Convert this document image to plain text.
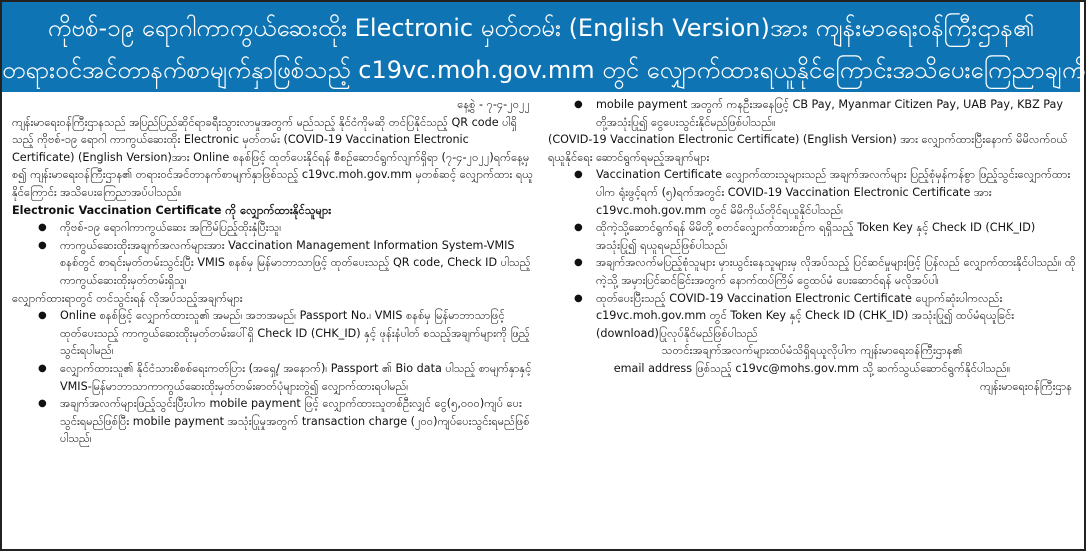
ကိုဗစ်-၁၉ ရောဂါကာကွယ်ဆေးထိုး Electronic မှတ်တမ်း (English Version)အား ကျန်းမာရေးဝန်ကြီးဌာန၏
တရားဝင်အင်တာနက်စာမျက်နှာဖြစ်သည့် c19vc.moh.gov.mm တွင် လျှောက်ထားရယူနိုင်ကြောင်းအသိပေးကြေညာချက်

နေ့စွဲ - ၇-၄-၂၀၂၂

ကျန်းမာရေးဝန်ကြီးဌာနသည် အပြည်ပြည်ဆိုင်ရာခရီးသွားလာမှုအတွက် မည်သည့် နိုင်ငံကိုမဆို တင်ပြနိုင်သည့် QR code ပါရှိသည့် ကိုဗစ်-၁၉ ရောဂါ ကာကွယ်ဆေးထိုး Electronic မှတ်တမ်း (COVID-19 Vaccination Electronic Certificate) (English Version)အား Online စနစ်ဖြင့် ထုတ်ပေးနိုင်ရန် စီစဉ်ဆောင်ရွက်လျက်ရှိရာ (၇-၄-၂၀၂၂)ရက်နေ့မှစ၍ ကျန်းမာရေးဝန်ကြီးဌာန၏ တရားဝင်အင်တာနက်စာမျက်နှာဖြစ်သည့် c19vc.moh.gov.mm မှတစ်ဆင့် လျှောက်ထား ရယူနိုင်ကြောင်း အသိပေးကြေညာအပ်ပါသည်။

Electronic Vaccination Certificate ကို လျှောက်ထားနိုင်သူများ

● ကိုဗစ်-၁၉ ရောဂါကာကွယ်ဆေး အကြိမ်ပြည့်ထိုးနှံပြီးသူ၊
● ကာကွယ်ဆေးထိုးအချက်အလက်များအား Vaccination Management Information System-VMIS စနစ်တွင် စာရင်းမှတ်တမ်းသွင်းပြီး VMIS စနစ်မှ မြန်မာဘာသာဖြင့် ထုတ်ပေးသည့် QR code, Check ID ပါသည့် ကာကွယ်ဆေးထိုးမှတ်တမ်းရှိသူ၊

လျှောက်ထားရာတွင် တင်သွင်းရန် လိုအပ်သည့်အချက်များ

● Online စနစ်ဖြင့် လျှောက်ထားသူ၏ အမည်၊ အဘအမည်၊ Passport No.၊ VMIS စနစ်မှ မြန်မာဘာသာဖြင့် ထုတ်ပေးသည့် ကာကွယ်ဆေးထိုးမှတ်တမ်းပေါ်ရှိ Check ID (CHK_ID) နှင့် ဖုန်းနံပါတ် စသည့်အချက်များကို ဖြည့်သွင်းရပါမည်၊
● လျှောက်ထားသူ၏ နိုင်ငံသားစိစစ်ရေးကတ်ပြား (အရှေ့/ အနောက်)၊ Passport ၏ Bio data ပါသည့် စာမျက်နှာနှင့် VMIS-မြန်မာဘာသာကာကွယ်ဆေးထိုးမှတ်တမ်းဓာတ်ပုံများတွဲ၍ လျှောက်ထားရပါမည်၊
● အချက်အလက်များဖြည့်သွင်းပြီးပါက mobile payment ဖြင့် လျှောက်ထားသူတစ်ဦးလျှင် ငွေ(၅,၀၀၀)ကျပ် ပေးသွင်းရမည်ဖြစ်ပြီး mobile payment အသုံးပြုမှုအတွက် transaction charge (၂၀၀)ကျပ်ပေးသွင်းရမည်ဖြစ်ပါသည်၊
● mobile payment အတွက် ကနဦးအနေဖြင့် CB Pay, Myanmar Citizen Pay, UAB Pay, KBZ Pay တို့အသုံးပြု၍ ငွေပေးသွင်းနိုင်မည်ဖြစ်ပါသည်။

(COVID-19 Vaccination Electronic Certificate) (English Version) အား လျှောက်ထားပြီးနောက် မိမိလက်ဝယ်ရယူနိုင်ရေး ဆောင်ရွက်ရမည့်အချက်များ

● Vaccination Certificate လျှောက်ထားသူများသည် အချက်အလက်များ ပြည့်စုံမှန်ကန်စွာ ဖြည့်သွင်းလျှောက်ထားပါက ရုံးဖွင့်ရက် (၅)ရက်အတွင်း COVID-19 Vaccination Electronic Certificate အား c19vc.moh.gov.mm တွင် မိမိကိုယ်တိုင်ရယူနိုင်ပါသည်၊
● ထိုကဲ့သို့ဆောင်ရွက်ရန် မိမိတို့ စတင်လျှောက်ထားစဉ်က ရရှိသည့် Token Key နှင့် Check ID (CHK_ID) အသုံးပြု၍ ရယူရမည်ဖြစ်ပါသည်၊
● အချက်အလက်မပြည့်စုံသူများ မှားယွင်းနေသူများမှ လိုအပ်သည့် ပြင်ဆင်မှုများဖြင့် ပြန်လည် လျှောက်ထားနိုင်ပါသည်။ ထိုကဲ့သို့ အမှားပြင်ဆင်ခြင်းအတွက် နောက်ထပ်ကြိမ် ငွေထပ်မံ ပေးဆောင်ရန် မလိုအပ်ပါ၊
● ထုတ်ပေးပြီးသည့် COVID-19 Vaccination Electronic Certificate ပျောက်ဆုံးပါကလည်း c19vc.moh.gov.mm တွင် Token Key နှင့် Check ID (CHK_ID) အသုံးပြု၍ ထပ်မံရယူခြင်း (download)ပြုလုပ်နိုင်မည်ဖြစ်ပါသည်

သတင်းအချက်အလက်များထပ်မံသိရှိရယူလိုပါက ကျန်းမာရေးဝန်ကြီးဌာန၏

email address ဖြစ်သည့် c19vc@mohs.gov.mm သို့ ဆက်သွယ်ဆောင်ရွက်နိုင်ပါသည်။

ကျန်းမာရေးဝန်ကြီးဌာန
